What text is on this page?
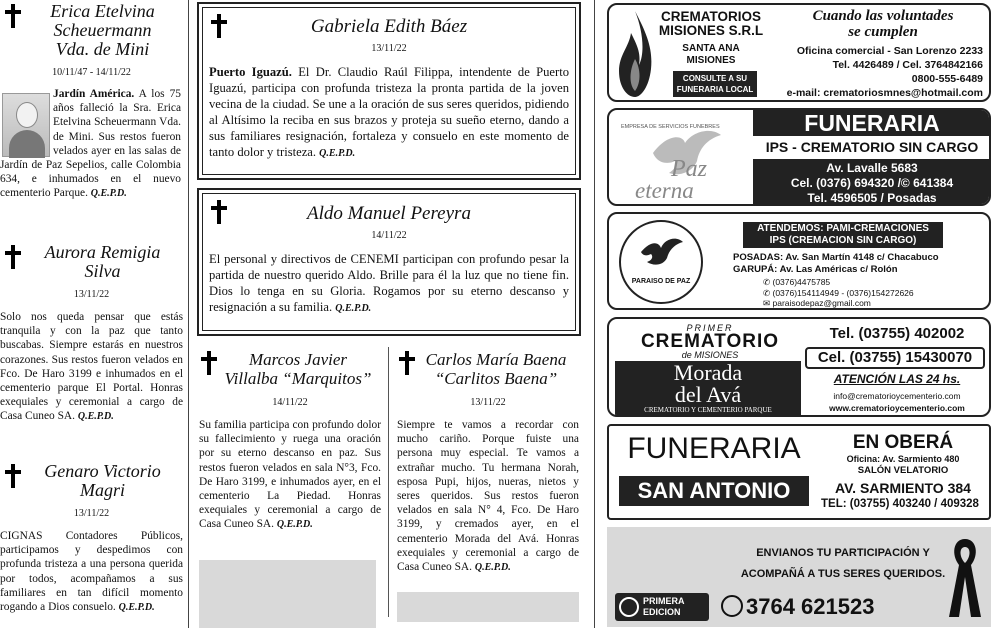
Erica Etelvina
Scheuermann
Vda. de Mini
10/11/47 - 14/11/22
Jardín América. A los 75 años falleció la Sra. Erica Etelvina Scheuermann Vda. de Mini. Sus restos fueron velados ayer en las salas de Jardín de Paz Sepelios, calle Colombia 634, e inhumados en el nuevo cementerio Parque. Q.E.P.D.
Aurora Remigia
Silva
13/11/22
Solo nos queda pensar que estás tranquila y con la paz que tanto buscabas. Siempre estarás en nuestros corazones. Sus restos fueron velados en Fco. De Haro 3199 e inhumados en el cementerio parque El Portal. Honras exequiales y ceremonial a cargo de Casa Cuneo SA. Q.E.P.D.
Genaro Victorio
Magri
13/11/22
CIGNAS Contadores Públicos, participamos y despedimos con profunda tristeza a una persona querida por todos, acompañamos a sus familiares en tan difícil momento rogando a Dios consuelo. Q.E.P.D.
Gabriela Edith Báez
13/11/22
Puerto Iguazú. El Dr. Claudio Raúl Filippa, intendente de Puerto Iguazú, participa con profunda tristeza la pronta partida de la joven vecina de la ciudad. Se une a la oración de sus seres queridos, pidiendo al Altísimo la reciba en sus brazos y proteja su sueño eterno, dando a sus familiares resignación, fortaleza y consuelo en este momento de tanto dolor y tristeza. Q.E.P.D.
Aldo Manuel Pereyra
14/11/22
El personal y directivos de CENEMI participan con profundo pesar la partida de nuestro querido Aldo. Brille para él la luz que no tiene fin. Dios lo tenga en su Gloria. Rogamos por su eterno descanso y resignación a su familia. Q.E.P.D.
Marcos Javier
Villalba “Marquitos”
14/11/22
Su familia participa con profundo dolor su fallecimiento y ruega una oración por su eterno descanso en paz. Sus restos fueron velados en sala N°3, Fco. De Haro 3199, e inhumados ayer, en el cementerio La Piedad. Honras exequiales y ceremonial a cargo de Casa Cuneo SA. Q.E.P.D.
Carlos María Baena
“Carlitos Baena”
13/11/22
Siempre te vamos a recordar con mucho cariño. Porque fuiste una persona muy especial. Te vamos a extrañar mucho. Tu hermana Norah, esposa Pupi, hijos, nueras, nietos y seres queridos. Sus restos fueron velados en sala N° 4, Fco. De Haro 3199, y cremados ayer, en el cementerio Morada del Avá. Honras exequiales y ceremonial a cargo de Casa Cuneo SA. Q.E.P.D.
CREMATORIOS
MISIONES S.R.L
SANTA ANA
MISIONES
CONSULTE A SU
FUNERARIA LOCAL
Cuando las voluntades
se cumplen
Oficina comercial - San Lorenzo 2233
Tel. 4426489 / Cel. 3764842166
0800-555-6489
e-mail: crematoriosmnes@hotmail.com
EMPRESA DE SERVICIOS FUNEBRES
Paz
eterna
FUNERARIA
IPS - CREMATORIO SIN CARGO
Av. Lavalle 5683
Cel. (0376) 694320 /© 641384
Tel. 4596505 / Posadas
PARAISO DE PAZ
ATENDEMOS: PAMI-CREMACIONES
IPS (CREMACION SIN CARGO)
POSADAS: Av. San Martín 4148 c/ Chacabuco
GARUPÁ: Av. Las Américas c/ Rolón
✆ (0376)4475785
✆ (0376)154114949 - (0376)154272626
✉ paraisodepaz@gmail.com
PRIMER
CREMATORIO
de MISIONES
Morada
del Avá
CREMATORIO Y CEMENTERIO PARQUE
Tel. (03755) 402002
Cel. (03755) 15430070
ATENCIÓN LAS 24 hs.
info@crematorioycementerio.com
www.crematorioycementerio.com
FUNERARIA
SAN ANTONIO
EN OBERÁ
Oficina: Av. Sarmiento 480
SALÓN VELATORIO
AV. SARMIENTO 384
TEL: (03755) 403240 / 409328
ENVIANOS TU PARTICIPACIÓN Y
ACOMPAÑÁ A TUS SERES QUERIDOS.
PRIMERA
EDICION	3764 621523
